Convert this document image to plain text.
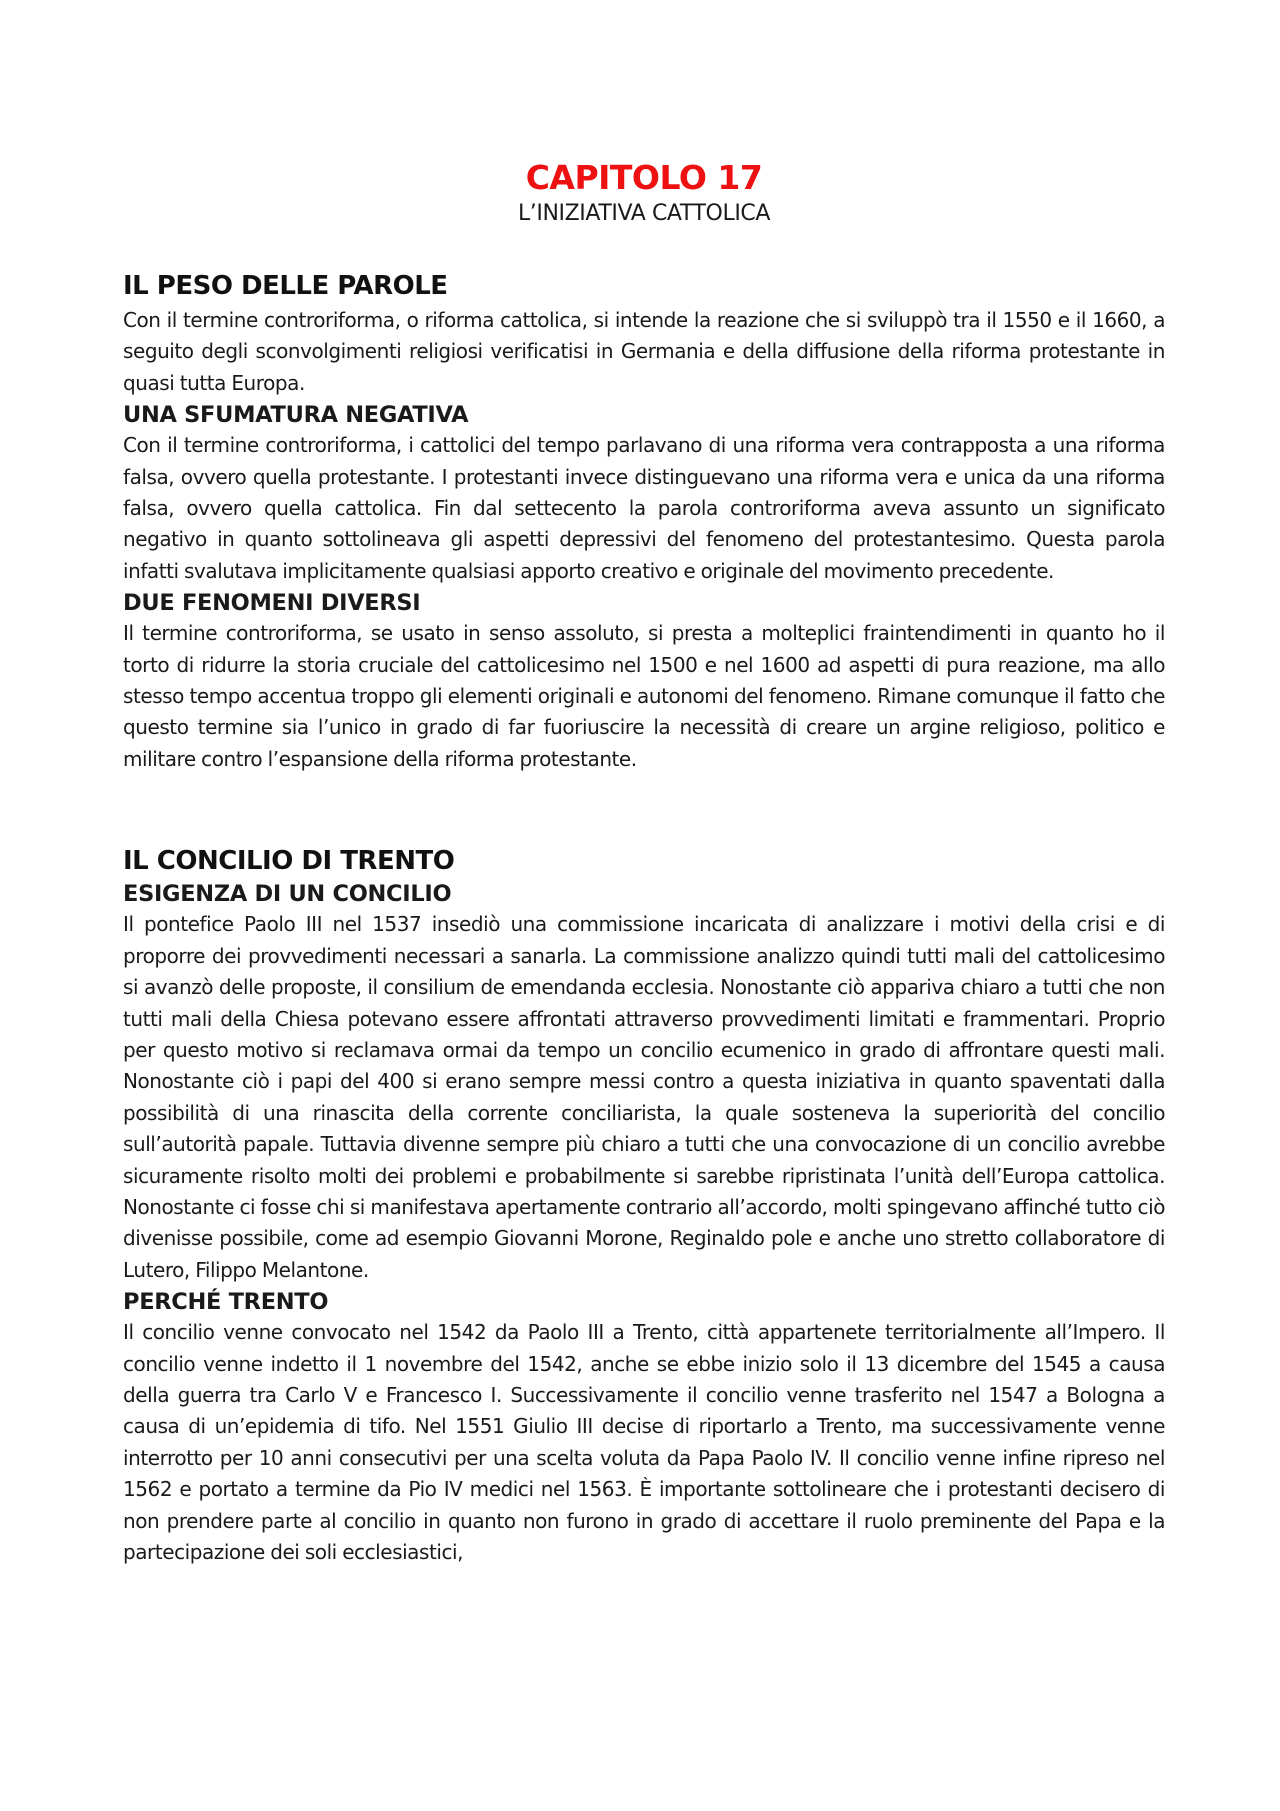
CAPITOLO 17
L’INIZIATIVA CATTOLICA
IL PESO DELLE PAROLE

Con il termine controriforma, o riforma cattolica, si intende la reazione che si sviluppò tra il 1550 e il 1660, a seguito degli sconvolgimenti religiosi verificatisi in Germania e della diffusione della riforma protestante in quasi tutta Europa.

UNA SFUMATURA NEGATIVA

Con il termine controriforma, i cattolici del tempo parlavano di una riforma vera contrapposta a una riforma falsa, ovvero quella protestante. I protestanti invece distinguevano una riforma vera e unica da una riforma falsa, ovvero quella cattolica. Fin dal settecento la parola controriforma aveva assunto un significato negativo in quanto sottolineava gli aspetti depressivi del fenomeno del protestantesimo. Questa parola infatti svalutava implicitamente qualsiasi apporto creativo e originale del movimento precedente.

DUE FENOMENI DIVERSI

Il termine controriforma, se usato in senso assoluto, si presta a molteplici fraintendimenti in quanto ho il torto di ridurre la storia cruciale del cattolicesimo nel 1500 e nel 1600 ad aspetti di pura reazione, ma allo stesso tempo accentua troppo gli elementi originali e autonomi del fenomeno. Rimane comunque il fatto che questo termine sia l’unico in grado di far fuoriuscire la necessità di creare un argine religioso, politico e militare contro l’espansione della riforma protestante.

IL CONCILIO DI TRENTO
ESIGENZA DI UN CONCILIO

Il pontefice Paolo III nel 1537 insediò una commissione incaricata di analizzare i motivi della crisi e di proporre dei provvedimenti necessari a sanarla. La commissione analizzo quindi tutti mali del cattolicesimo si avanzò delle proposte, il consilium de emendanda ecclesia. Nonostante ciò appariva chiaro a tutti che non tutti mali della Chiesa potevano essere affrontati attraverso provvedimenti limitati e frammentari. Proprio per questo motivo si reclamava ormai da tempo un concilio ecumenico in grado di affrontare questi mali. Nonostante ciò i papi del 400 si erano sempre messi contro a questa iniziativa in quanto spaventati dalla possibilità di una rinascita della corrente conciliarista, la quale sosteneva la superiorità del concilio sull’autorità papale. Tuttavia divenne sempre più chiaro a tutti che una convocazione di un concilio avrebbe sicuramente risolto molti dei problemi e probabilmente si sarebbe ripristinata l’unità dell’Europa cattolica. Nonostante ci fosse chi si manifestava apertamente contrario all’accordo, molti spingevano affinché tutto ciò divenisse possibile, come ad esempio Giovanni Morone, Reginaldo pole e anche uno stretto collaboratore di Lutero, Filippo Melantone.

PERCHÉ TRENTO

Il concilio venne convocato nel 1542 da Paolo III a Trento, città appartenete territorialmente all’Impero. Il concilio venne indetto il 1 novembre del 1542, anche se ebbe inizio solo il 13 dicembre del 1545 a causa della guerra tra Carlo V e Francesco I. Successivamente il concilio venne trasferito nel 1547 a Bologna a causa di un’epidemia di tifo. Nel 1551 Giulio III decise di riportarlo a Trento, ma successivamente venne interrotto per 10 anni consecutivi per una scelta voluta da Papa Paolo IV. Il concilio venne infine ripreso nel 1562 e portato a termine da Pio IV medici nel 1563. È importante sottolineare che i protestanti decisero di non prendere parte al concilio in quanto non furono in grado di accettare il ruolo preminente del Papa e la partecipazione dei soli ecclesiastici,
